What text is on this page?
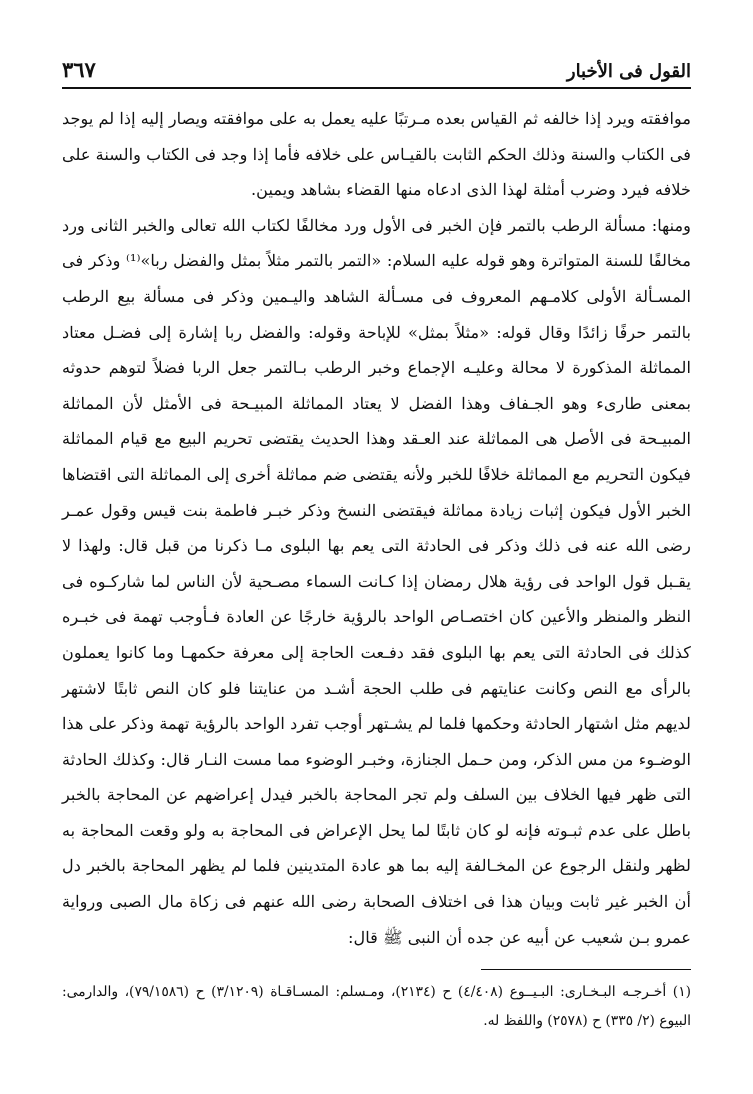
القول فى الأخبار
٣٦٧

موافقته ويرد إذا خالفه ثم القياس بعده مـرتبًا عليه يعمل به على موافقته ويصار إليه إذا لم يوجد فى الكتاب والسنة وذلك الحكم الثابت بالقيـاس على خلافه فأما إذا وجد فى الكتاب والسنة على خلافه فيرد وضرب أمثلة لهذا الذى ادعاه منها القضاء بشاهد ويمين.

ومنها: مسألة الرطب بالتمر فإن الخبر فى الأول ورد مخالفًا لكتاب الله تعالى والخبر الثانى ورد مخالفًا للسنة المتواترة وهو قوله عليه السلام: «التمر بالتمر مثلاً بمثل والفضل ربا»⁽¹⁾ وذكر فى المسـألة الأولى كلامـهم المعروف فى مسـألة الشاهد واليـمين وذكر فى مسألة بيع الرطب بالتمر حرفًا زائدًا وقال قوله: «مثلاً بمثل» للإباحة وقوله: والفضل ربا إشارة إلى فضـل معتاد المماثلة المذكورة لا محالة وعليـه الإجماع وخبر الرطب بـالتمر جعل الربا فضلاً لتوهم حدوثه بمعنى طارىء وهو الجـفاف وهذا الفضل لا يعتاد المماثلة المبيـحة فى الأمثل لأن المماثلة المبيـحة فى الأصل هى المماثلة عند العـقد وهذا الحديث يقتضى تحريم البيع مع قيام المماثلة فيكون التحريم مع المماثلة خلافًا للخبر ولأنه يقتضى ضم مماثلة أخرى إلى المماثلة التى اقتضاها الخبر الأول فيكون إثبات زيادة مماثلة فيقتضى النسخ وذكر خبـر فاطمة بنت قيس وقول عمـر رضى الله عنه فى ذلك وذكر فى الحادثة التى يعم بها البلوى مـا ذكرنا من قبل قال: ولهذا لا يقـبل قول الواحد فى رؤية هلال رمضان إذا كـانت السماء مصـحية لأن الناس لما شاركـوه فى النظر والمنظر والأعين كان اختصـاص الواحد بالرؤية خارجًا عن العادة فـأوجب تهمة فى خبـره كذلك فى الحادثة التى يعم بها البلوى فقد دفـعت الحاجة إلى معرفة حكمهـا وما كانوا يعملون بالرأى مع النص وكانت عنايتهم فى طلب الحجة أشـد من عنايتنا فلو كان النص ثابتًا لاشتهر لديهم مثل اشتهار الحادثة وحكمها فلما لم يشـتهر أوجب تفرد الواحد بالرؤية تهمة وذكر على هذا الوضـوء من مس الذكر، ومن حـمل الجنازة، وخبـر الوضوء مما مست النـار قال: وكذلك الحادثة التى ظهر فيها الخلاف بين السلف ولم تجر المحاجة بالخبر فيدل إعراضهم عن المحاجة بالخبر باطل على عدم ثبـوته فإنه لو كان ثابتًا لما يحل الإعراض فى المحاجة به ولو وقعت المحاجة به لظهر ولنقل الرجوع عن المخـالفة إليه بما هو عادة المتدينين فلما لم يظهر المحاجة بالخبر دل أن الخبر غير ثابت وبيان هذا فى اختلاف الصحابة رضى الله عنهم فى زكاة مال الصبى ورواية عمرو بـن شعيب عن أبيه عن جده أن النبى ﷺ قال:

(١) أخـرجـه البـخـارى: البـيــوع (٤/٤٠٨) ح (٢١٣٤)، ومـسلم: المسـاقـاة (٣/١٢٠٩) ح (٧٩/١٥٨٦)، والدارمى: البيوع (٢/ ٣٣٥) ح (٢٥٧٨) واللفظ له.
